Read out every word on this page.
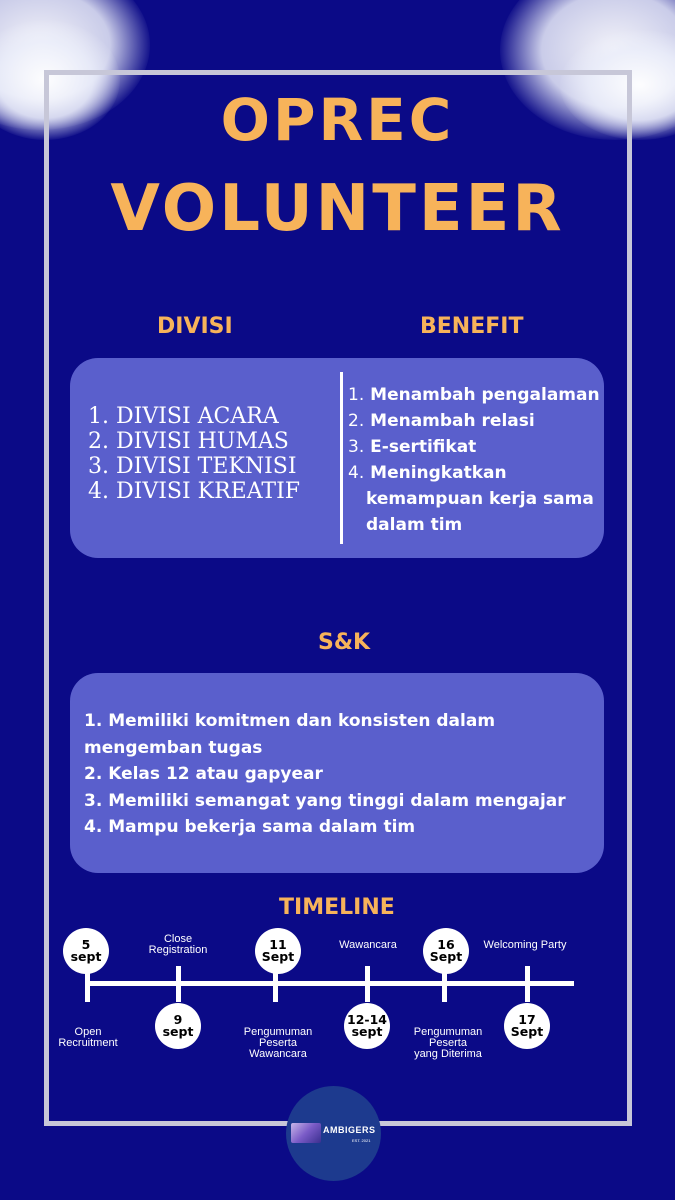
OPREC
VOLUNTEER
DIVISI	BENEFIT
1. DIVISI ACARA
2. DIVISI HUMAS
3. DIVISI TEKNISI
4. DIVISI KREATIF
1. Menambah pengalaman
2. Menambah relasi
3. E-sertifikat
4. Meningkatkan
kemampuan kerja sama
dalam tim
S&K
1. Memiliki komitmen dan konsisten dalam
mengemban tugas
2. Kelas 12 atau gapyear
3. Memiliki semangat yang tinggi dalam mengajar
4. Mampu bekerja sama dalam tim
TIMELINE
5
sept
9
sept
11
Sept
12-14
sept
16
Sept
17
Sept
Open
Recruitment
Close
Registration
Pengumuman
Peserta
Wawancara
Wawancara
Pengumuman
Peserta
yang Diterima
Welcoming Party
AMBIGERS
EST. 2021
